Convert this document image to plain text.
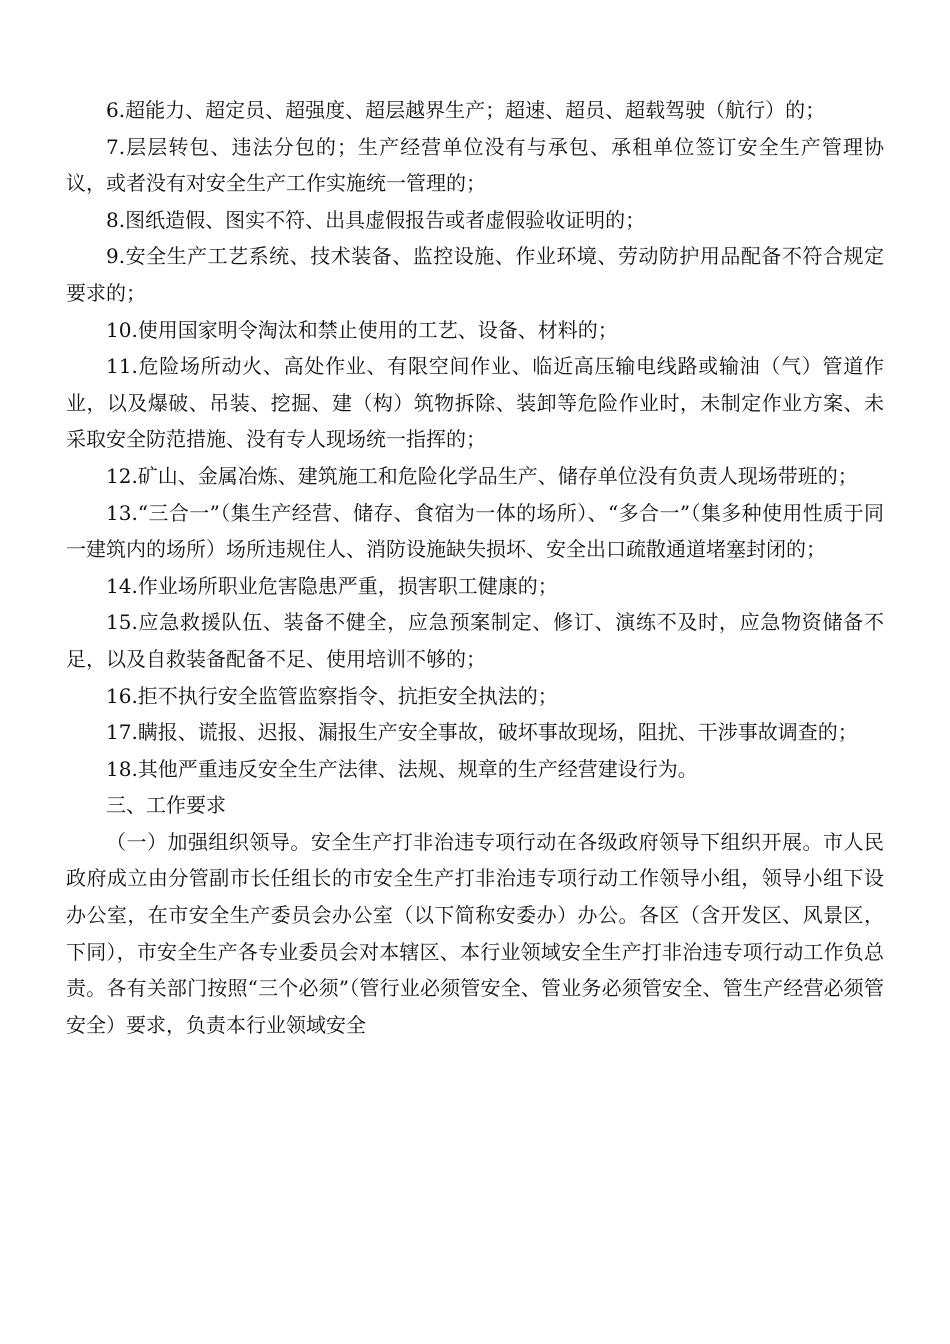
6.超能力、超定员、超强度、超层越界生产；超速、超员、超载驾驶（航行）的；

7.层层转包、违法分包的；生产经营单位没有与承包、承租单位签订安全生产管理协议，或者没有对安全生产工作实施统一管理的；

8.图纸造假、图实不符、出具虚假报告或者虚假验收证明的；

9.安全生产工艺系统、技术装备、监控设施、作业环境、劳动防护用品配备不符合规定要求的；

10.使用国家明令淘汰和禁止使用的工艺、设备、材料的；

11.危险场所动火、高处作业、有限空间作业、临近高压输电线路或输油（气）管道作业，以及爆破、吊装、挖掘、建（构）筑物拆除、装卸等危险作业时，未制定作业方案、未采取安全防范措施、没有专人现场统一指挥的；

12.矿山、金属冶炼、建筑施工和危险化学品生产、储存单位没有负责人现场带班的；

13.“三合一”（集生产经营、储存、食宿为一体的场所）、“多合一”（集多种使用性质于同一建筑内的场所）场所违规住人、消防设施缺失损坏、安全出口疏散通道堵塞封闭的；

14.作业场所职业危害隐患严重，损害职工健康的；

15.应急救援队伍、装备不健全，应急预案制定、修订、演练不及时，应急物资储备不足，以及自救装备配备不足、使用培训不够的；

16.拒不执行安全监管监察指令、抗拒安全执法的；

17.瞒报、谎报、迟报、漏报生产安全事故，破坏事故现场，阻扰、干涉事故调查的；

18.其他严重违反安全生产法律、法规、规章的生产经营建设行为。

三、工作要求

（一）加强组织领导。安全生产打非治违专项行动在各级政府领导下组织开展。市人民政府成立由分管副市长任组长的市安全生产打非治违专项行动工作领导小组，领导小组下设办公室，在市安全生产委员会办公室（以下简称安委办）办公。各区（含开发区、风景区，下同），市安全生产各专业委员会对本辖区、本行业领域安全生产打非治违专项行动工作负总责。各有关部门按照“三个必须”（管行业必须管安全、管业务必须管安全、管生产经营必须管安全）要求，负责本行业领域安全
